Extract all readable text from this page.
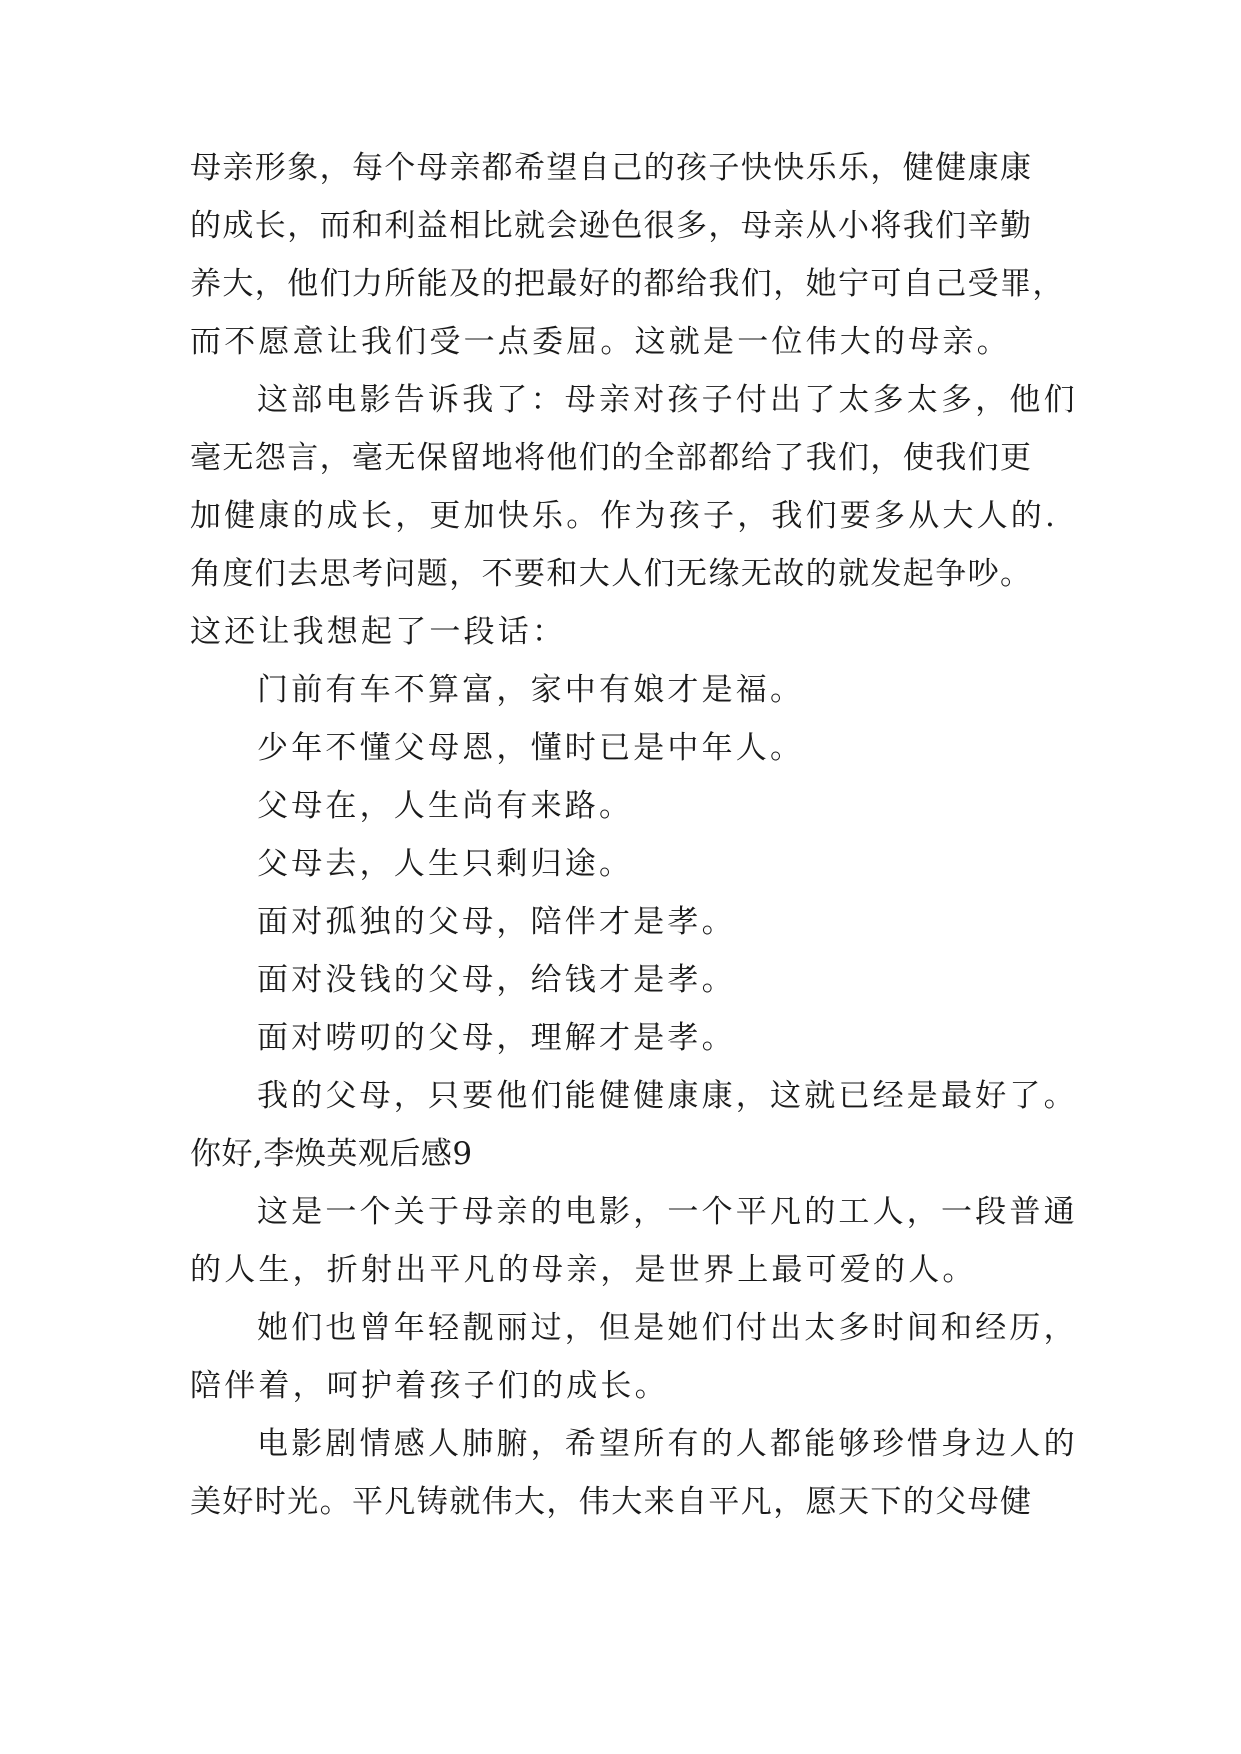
母亲形象，每个母亲都希望自己的孩子快快乐乐，健健康康
的成长，而和利益相比就会逊色很多，母亲从小将我们辛勤
养大，他们力所能及的把最好的都给我们，她宁可自己受罪，
而不愿意让我们受一点委屈。这就是一位伟大的母亲。
这部电影告诉我了：母亲对孩子付出了太多太多，他们
毫无怨言，毫无保留地将他们的全部都给了我们，使我们更
加健康的成长，更加快乐。作为孩子，我们要多从大人的.
角度们去思考问题，不要和大人们无缘无故的就发起争吵。
这还让我想起了一段话：
门前有车不算富，家中有娘才是福。
少年不懂父母恩，懂时已是中年人。
父母在，人生尚有来路。
父母去，人生只剩归途。
面对孤独的父母，陪伴才是孝。
面对没钱的父母，给钱才是孝。
面对唠叨的父母，理解才是孝。
我的父母，只要他们能健健康康，这就已经是最好了。
你好,李焕英观后感9
这是一个关于母亲的电影，一个平凡的工人，一段普通
的人生，折射出平凡的母亲，是世界上最可爱的人。
她们也曾年轻靓丽过，但是她们付出太多时间和经历，
陪伴着，呵护着孩子们的成长。
电影剧情感人肺腑，希望所有的人都能够珍惜身边人的
美好时光。平凡铸就伟大，伟大来自平凡，愿天下的父母健
